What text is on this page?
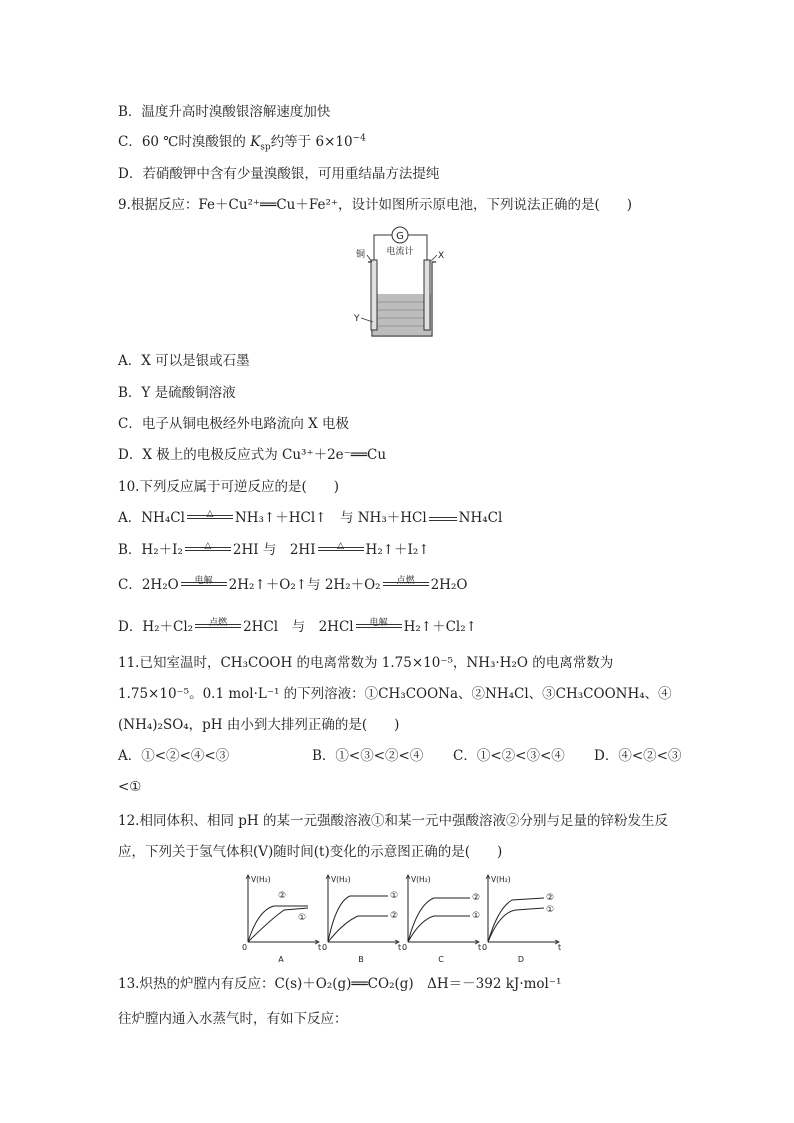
B．温度升高时溴酸银溶解速度加快
C．60 ℃时溴酸银的 $K_{sp}$约等于 $6\times 10^{-4}$
D．若硝酸钾中含有少量溴酸银，可用重结晶方法提纯
9.根据反应：Fe＋Cu²⁺══Cu＋Fe²⁺，设计如图所示原电池，下列说法正确的是(　　)
G
电流计
铜	X
Y
A．X 可以是银或石墨
B．Y 是硫酸铜溶液
C．电子从铜电极经外电路流向 X 电极
D．X 极上的电极反应式为 Cu³⁺＋2e⁻══Cu
10.下列反应属于可逆反应的是(　　)
A．NH₄Cl	△	NH₃↑＋HCl↑　与 NH₃＋HCl NH₄Cl
B．H₂＋I₂	△	2HI 与　2HI	△	H₂↑＋I₂↑
C．2H₂O	电解	2H₂↑＋O₂↑与 2H₂＋O₂	点燃	2H₂O
D．H₂＋Cl₂	点燃	2HCl　与　2HCl	电解	H₂↑＋Cl₂↑
11.已知室温时，CH₃COOH 的电离常数为 1.75×10⁻⁵，NH₃·H₂O 的电离常数为
1.75×10⁻⁵。0.1 mol·L⁻¹ 的下列溶液：①CH₃COONa、②NH₄Cl、③CH₃COONH₄、④
(NH₄)₂SO₄，pH 由小到大排列正确的是(　　)
A．①<②<④<③	B．①<③<②<④ C．①<②<③<④ D．④<②<③
<①
12.相同体积、相同 pH 的某一元强酸溶液①和某一元中强酸溶液②分别与足量的锌粉发生反
应，下列关于氢气体积(V)随时间(t)变化的示意图正确的是(　　)
V(H₂)
t
0
A
②
①
V(H₂)
t
0
B
①
②
V(H₂)
t
0
C
②
①
V(H₂)
t
0
D
②
①
13.炽热的炉膛内有反应：C(s)＋O₂(g)══CO₂(g)　ΔH＝－392 kJ·mol⁻¹
往炉膛内通入水蒸气时，有如下反应：
